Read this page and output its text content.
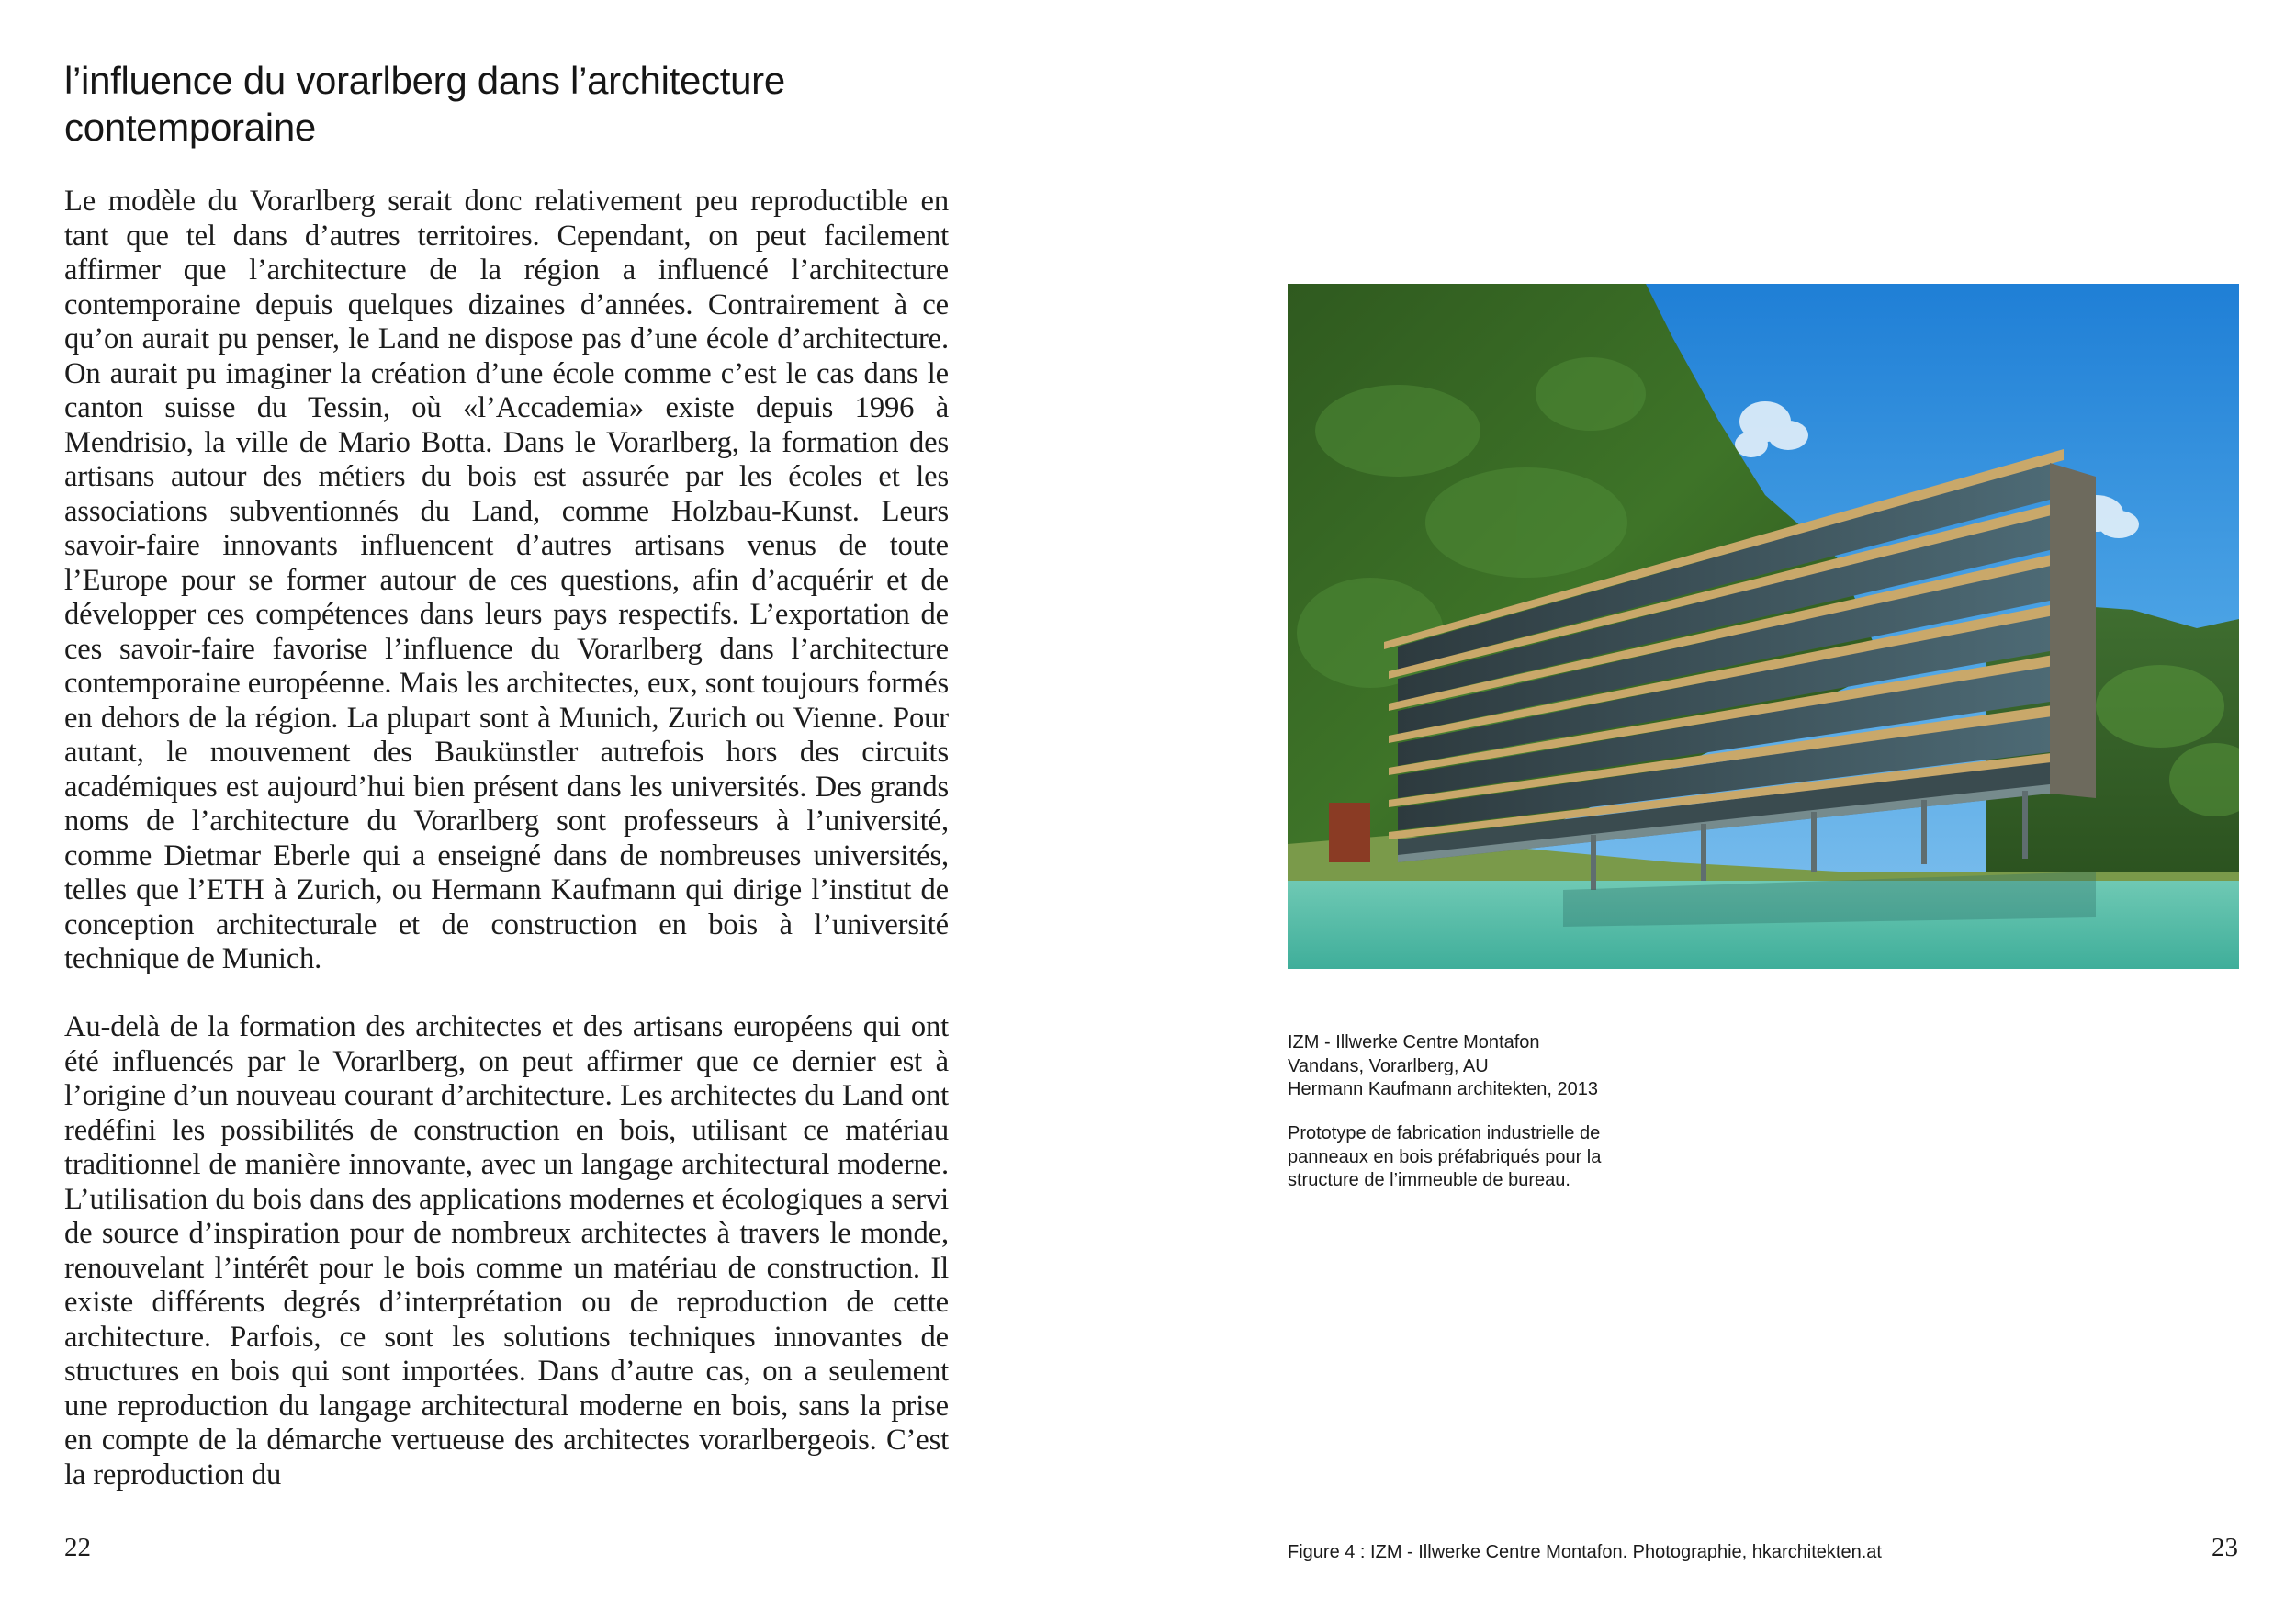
l’influence du vorarlberg dans l’architecture contemporaine

Le modèle du Vorarlberg serait donc relativement peu reproductible en tant que tel dans d’autres territoires. Cependant, on peut facilement affirmer que l’architecture de la région a influencé l’architecture contemporaine depuis quelques dizaines d’années. Contrairement à ce qu’on aurait pu penser, le Land ne dispose pas d’une école d’architecture. On aurait pu imaginer la création d’une école comme c’est le cas dans le canton suisse du Tessin, où «l’Accademia» existe depuis 1996 à Mendrisio, la ville de Mario Botta. Dans le Vorarlberg, la formation des artisans autour des métiers du bois est assurée par les écoles et les associations subventionnés du Land, comme Holzbau-Kunst. Leurs savoir-faire innovants influencent d’autres artisans venus de toute l’Europe pour se former autour de ces questions, afin d’acquérir et de développer ces compétences dans leurs pays respectifs. L’exportation de ces savoir-faire favorise l’influence du Vorarlberg dans l’architecture contemporaine européenne. Mais les architectes, eux, sont toujours formés en dehors de la région. La plupart sont à Munich, Zurich ou Vienne. Pour autant, le mouvement des Baukünstler autrefois hors des circuits académiques est aujourd’hui bien présent dans les universités. Des grands noms de l’architecture du Vorarlberg sont professeurs à l’université, comme Dietmar Eberle qui a enseigné dans de nombreuses universités, telles que l’ETH à Zurich, ou Hermann Kaufmann qui dirige l’institut de conception architecturale et de construction en bois à l’université technique de Munich.

Au-delà de la formation des architectes et des artisans européens qui ont été influencés par le Vorarlberg, on peut affirmer que ce dernier est à l’origine d’un nouveau courant d’architecture. Les architectes du Land ont redéfini les possibilités de construction en bois, utilisant ce matériau traditionnel de manière innovante, avec un langage architectural moderne. L’utilisation du bois dans des applications modernes et écologiques a servi de source d’inspiration pour de nombreux architectes à travers le monde, renouvelant l’intérêt pour le bois comme un matériau de construction. Il existe différents degrés d’interprétation ou de reproduction de cette architecture. Parfois, ce sont les solutions techniques innovantes de structures en bois qui sont importées. Dans d’autre cas, on a seulement une reproduction du langage architectural moderne en bois, sans la prise en compte de la démarche vertueuse des architectes vorarlbergeois. C’est la reproduction du

22
IZM - Illwerke Centre Montafon
Vandans, Vorarlberg, AU
Hermann Kaufmann architekten, 2013
Prototype de fabrication industrielle de
panneaux en bois préfabriqués pour la
structure de l’immeuble de bureau.
Figure 4 : IZM - Illwerke Centre Montafon. Photographie, hkarchitekten.at	23
